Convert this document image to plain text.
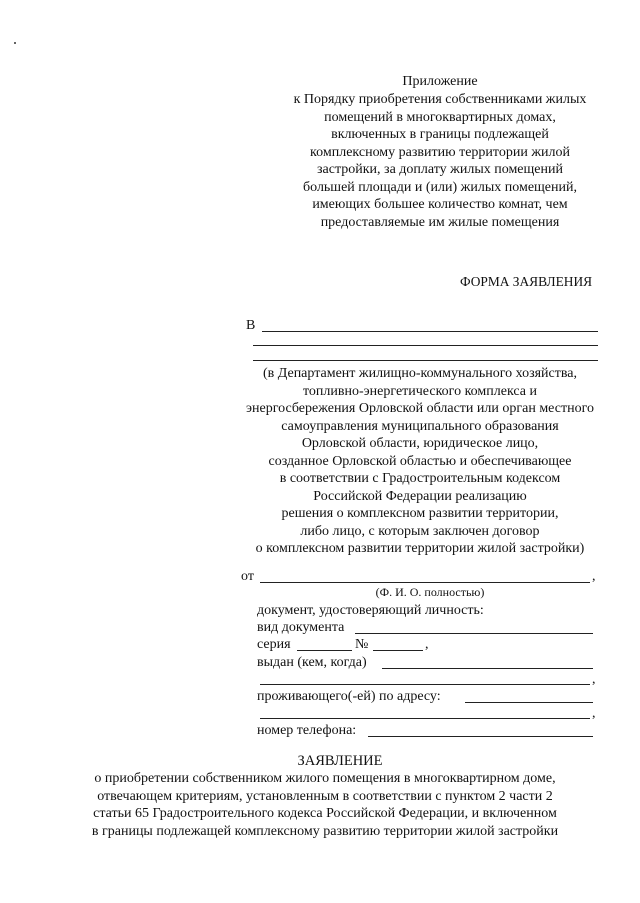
Приложение
к Порядку приобретения собственниками жилых
помещений в многоквартирных домах,
включенных в границы подлежащей
комплексному развитию территории жилой
застройки, за доплату жилых помещений
большей площади и (или) жилых помещений,
имеющих большее количество комнат, чем
предоставляемые им жилые помещения
ФОРМА ЗАЯВЛЕНИЯ
В
(в Департамент жилищно-коммунального хозяйства,
топливно-энергетического комплекса и
энергосбережения Орловской области или орган местного
самоуправления муниципального образования
Орловской области, юридическое лицо,
созданное Орловской областью и обеспечивающее
в соответствии с Градостроительным кодексом
Российской Федерации реализацию
решения о комплексном развитии территории,
либо лицо, с которым заключен договор
о комплексном развитии территории жилой застройки)
от	,
(Ф. И. О. полностью)
документ, удостоверяющий личность:
вид документа
серия	№	,
выдан (кем, когда)
,
проживающего(-ей) по адресу:
,
номер телефона:
ЗАЯВЛЕНИЕ
о приобретении собственником жилого помещения в многоквартирном доме,
отвечающем критериям, установленным в соответствии с пунктом 2 части 2
статьи 65 Градостроительного кодекса Российской Федерации, и включенном
в границы подлежащей комплексному развитию территории жилой застройки
